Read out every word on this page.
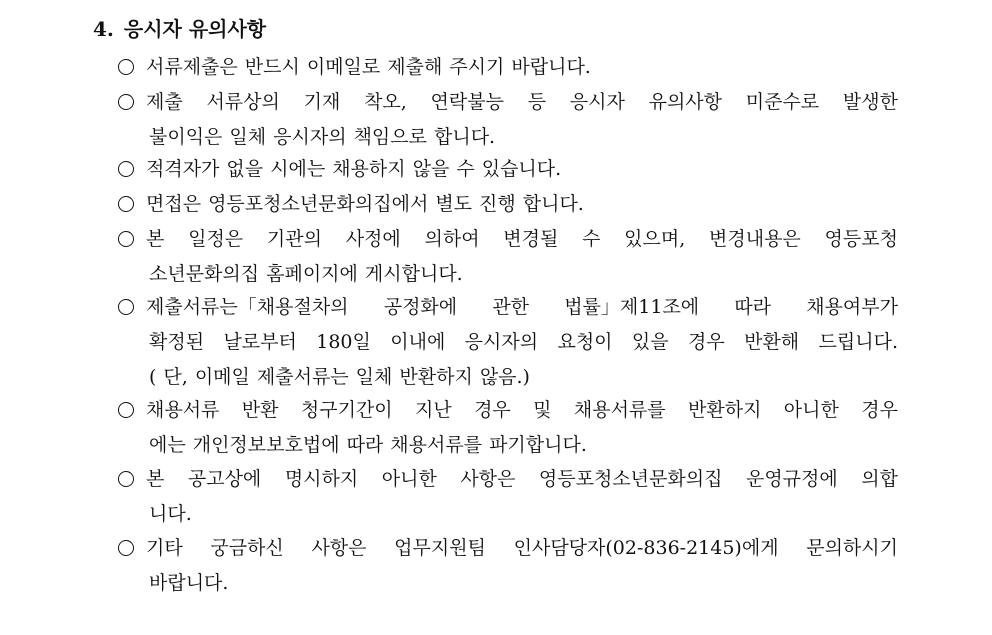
4. 응시자 유의사항
서류제출은 반드시 이메일로 제출해 주시기 바랍니다.
제출 서류상의 기재 착오, 연락불능 등 응시자 유의사항 미준수로 발생한
불이익은 일체 응시자의 책임으로 합니다.
적격자가 없을 시에는 채용하지 않을 수 있습니다.
면접은 영등포청소년문화의집에서 별도 진행 합니다.
본 일정은 기관의 사정에 의하여 변경될 수 있으며, 변경내용은 영등포청
소년문화의집 홈페이지에 게시합니다.
제출서류는「채용절차의 공정화에 관한 법률」제11조에 따라 채용여부가
확정된 날로부터 180일 이내에 응시자의 요청이 있을 경우 반환해 드립니다.
( 단, 이메일 제출서류는 일체 반환하지 않음.)
채용서류 반환 청구기간이 지난 경우 및 채용서류를 반환하지 아니한 경우
에는 개인정보보호법에 따라 채용서류를 파기합니다.
본 공고상에 명시하지 아니한 사항은 영등포청소년문화의집 운영규정에 의합
니다.
기타 궁금하신 사항은 업무지원팀 인사담당자(02-836-2145)에게 문의하시기
바랍니다.
